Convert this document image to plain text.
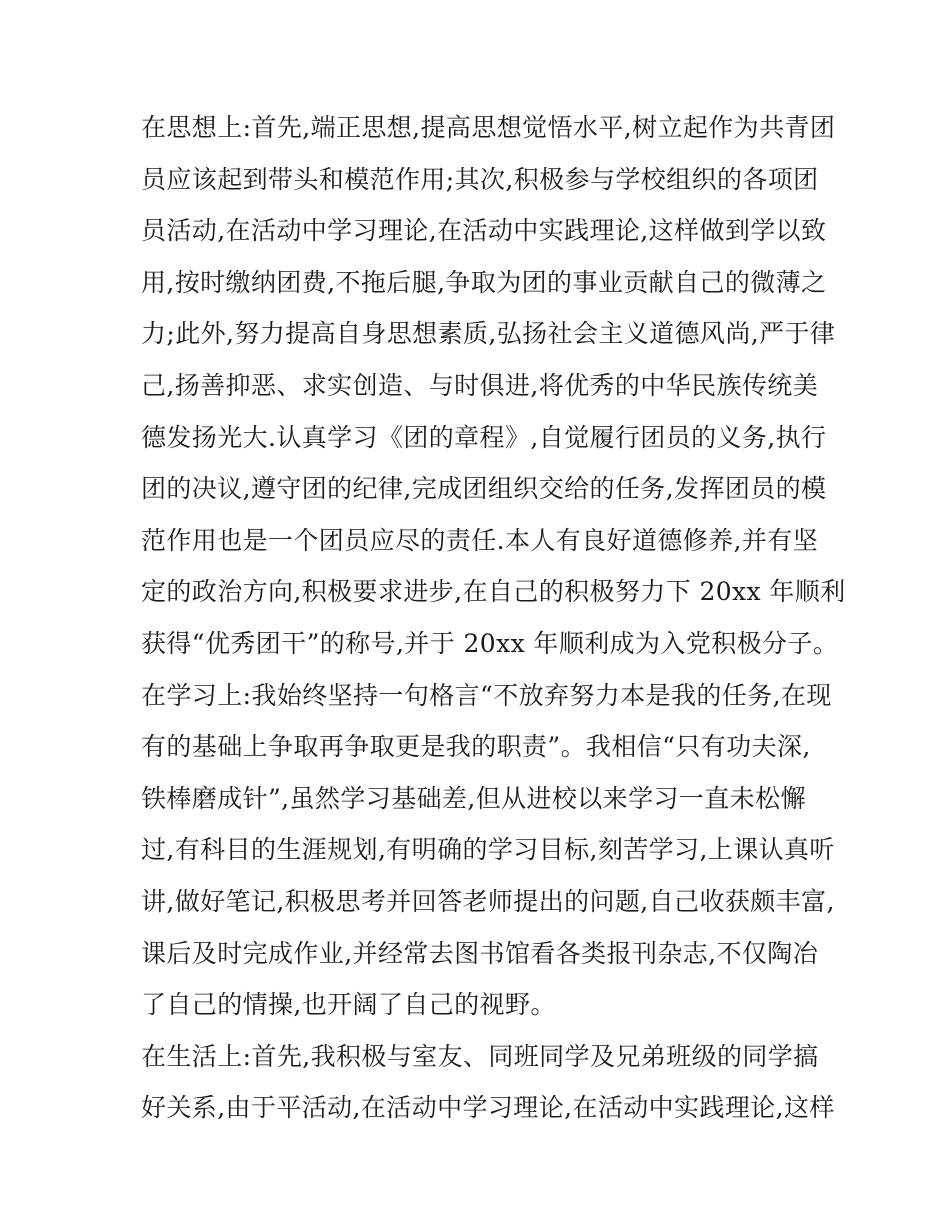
在思想上:首先,端正思想,提高思想觉悟水平,树立起作为共青团
员应该起到带头和模范作用;其次,积极参与学校组织的各项团
员活动,在活动中学习理论,在活动中实践理论,这样做到学以致
用,按时缴纳团费,不拖后腿,争取为团的事业贡献自己的微薄之
力;此外,努力提高自身思想素质,弘扬社会主义道德风尚,严于律
己,扬善抑恶、求实创造、与时俱进,将优秀的中华民族传统美
德发扬光大.认真学习《团的章程》,自觉履行团员的义务,执行
团的决议,遵守团的纪律,完成团组织交给的任务,发挥团员的模
范作用也是一个团员应尽的责任.本人有良好道德修养,并有坚
定的政治方向,积极要求进步,在自己的积极努力下 20xx 年顺利
获得“优秀团干”的称号,并于 20xx 年顺利成为入党积极分子。
在学习上:我始终坚持一句格言“不放弃努力本是我的任务,在现
有的基础上争取再争取更是我的职责”。我相信“只有功夫深,
铁棒磨成针”,虽然学习基础差,但从进校以来学习一直未松懈
过,有科目的生涯规划,有明确的学习目标,刻苦学习,上课认真听
讲,做好笔记,积极思考并回答老师提出的问题,自己收获颇丰富,
课后及时完成作业,并经常去图书馆看各类报刊杂志,不仅陶冶
了自己的情操,也开阔了自己的视野。
在生活上:首先,我积极与室友、同班同学及兄弟班级的同学搞
好关系,由于平活动,在活动中学习理论,在活动中实践理论,这样
